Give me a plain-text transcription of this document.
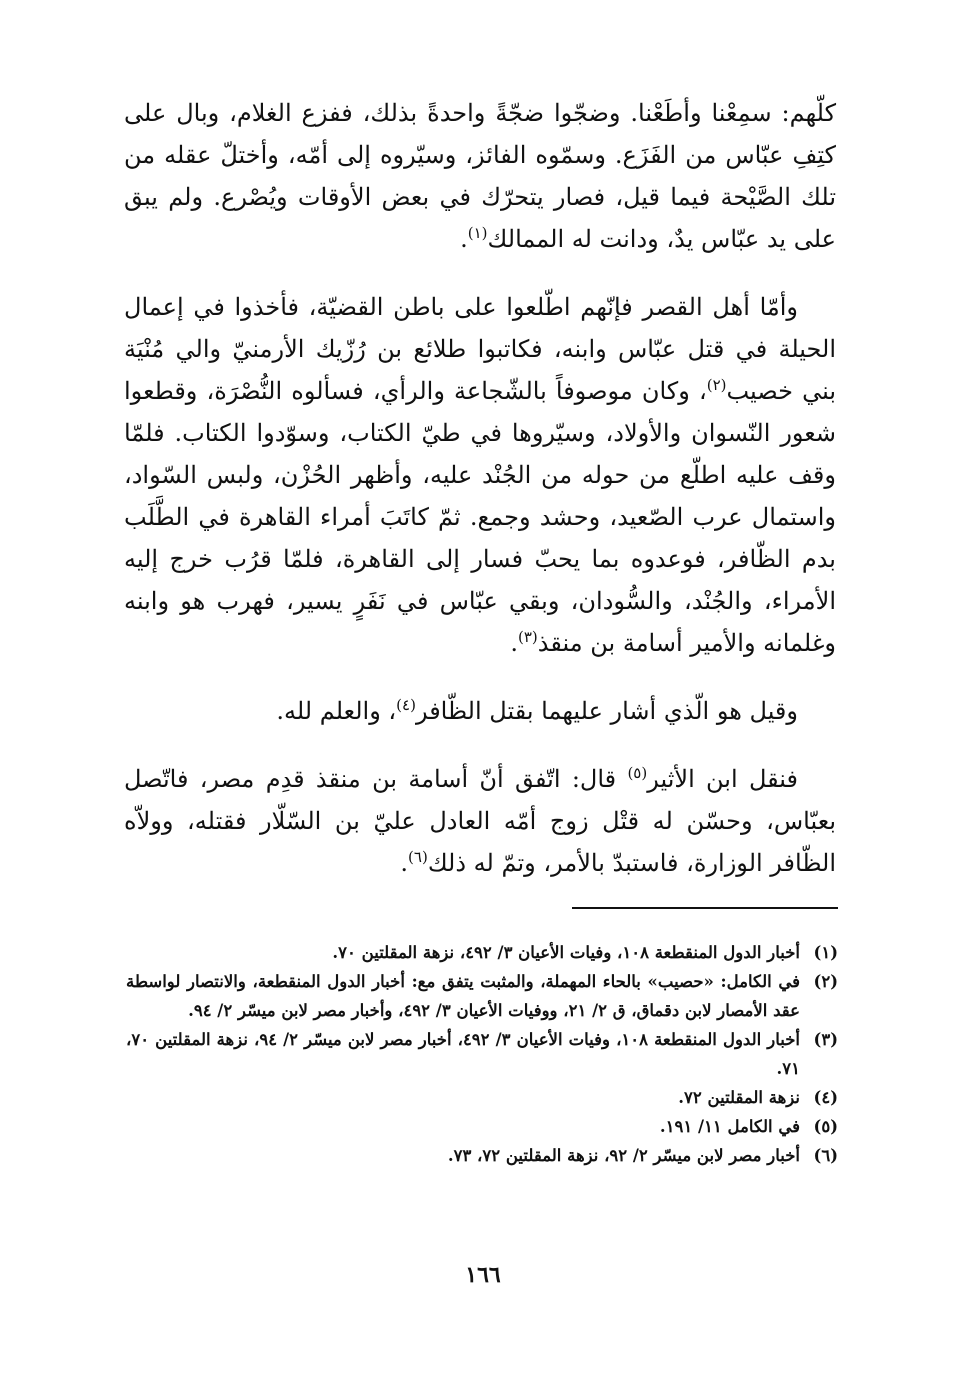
كلّهم: سمِعْنا وأطَعْنا. وضجّوا ضجّةً واحدةً بذلك، ففزع الغلام، وبال على كتِفِ عبّاس من الفَزَع. وسمّوه الفائز، وسيّروه إلى أمّه، وأختلّ عقله من تلك الصَّيْحة فيما قيل، فصار يتحرّك في بعض الأوقات ويُصْرع. ولم يبق على يد عبّاس يدٌ، ودانت له الممالك$^{(١)}$.

وأمّا أهل القصر فإنّهم اطّلعوا على باطن القضيّة، فأخذوا في إعمال الحيلة في قتل عبّاس وابنه، فكاتبوا طلائع بن رُزّيك الأرمنيّ والي مُنْيَة بني خصيب$^{(٢)}$، وكان موصوفاً بالشّجاعة والرأي، فسألوه النُّصْرَة، وقطعوا شعور النّسوان والأولاد، وسيّروها في طيّ الكتاب، وسوّدوا الكتاب. فلمّا وقف عليه اطلّع من حوله من الجُنْد عليه، وأظهر الحُزْن، ولبس السّواد، واستمال عرب الصّعيد، وحشد وجمع. ثمّ كاتَبَ أمراء القاهرة في الطَّلَب بدم الظّافر، فوعدوه بما يحبّ فسار إلى القاهرة، فلمّا قرُب خرج إليه الأمراء، والجُنْد، والسُّودان، وبقي عبّاس في نَفَرٍ يسير، فهرب هو وابنه وغلمانه والأمير أسامة بن منقذ$^{(٣)}$.

وقيل هو الّذي أشار عليهما بقتل الظّافر$^{(٤)}$، والعلم لله.

فنقل ابن الأثير$^{(٥)}$ قال: اتّفق أنّ أسامة بن منقذ قدِم مصر، فاتّصل بعبّاس، وحسّن له قتْل زوج أمّه العادل عليّ بن السّلّار فقتله، وولاّه الظّافر الوزارة، فاستبدّ بالأمر، وتمّ له ذلك$^{(٦)}$.

(١)
أخبار الدول المنقطعة ١٠٨، وفيات الأعيان ٣/ ٤٩٢، نزهة المقلتين ٧٠.
(٢)
في الكامل: «حصيب» بالحاء المهملة، والمثبت يتفق مع: أخبار الدول المنقطعة، والانتصار لواسطة عقد الأمصار لابن دقماق، ق ٢/ ٢١، ووفيات الأعيان ٣/ ٤٩٢، وأخبار مصر لابن ميسّر ٢/ ٩٤.
(٣)
أخبار الدول المنقطعة ١٠٨، وفيات الأعيان ٣/ ٤٩٢، أخبار مصر لابن ميسّر ٢/ ٩٤، نزهة المقلتين ٧٠، ٧١.
(٤)
نزهة المقلتين ٧٢.
(٥)
في الكامل ١١/ ١٩١.
(٦)
أخبار مصر لابن ميسّر ٢/ ٩٢، نزهة المقلتين ٧٢، ٧٣.
١٦٦
